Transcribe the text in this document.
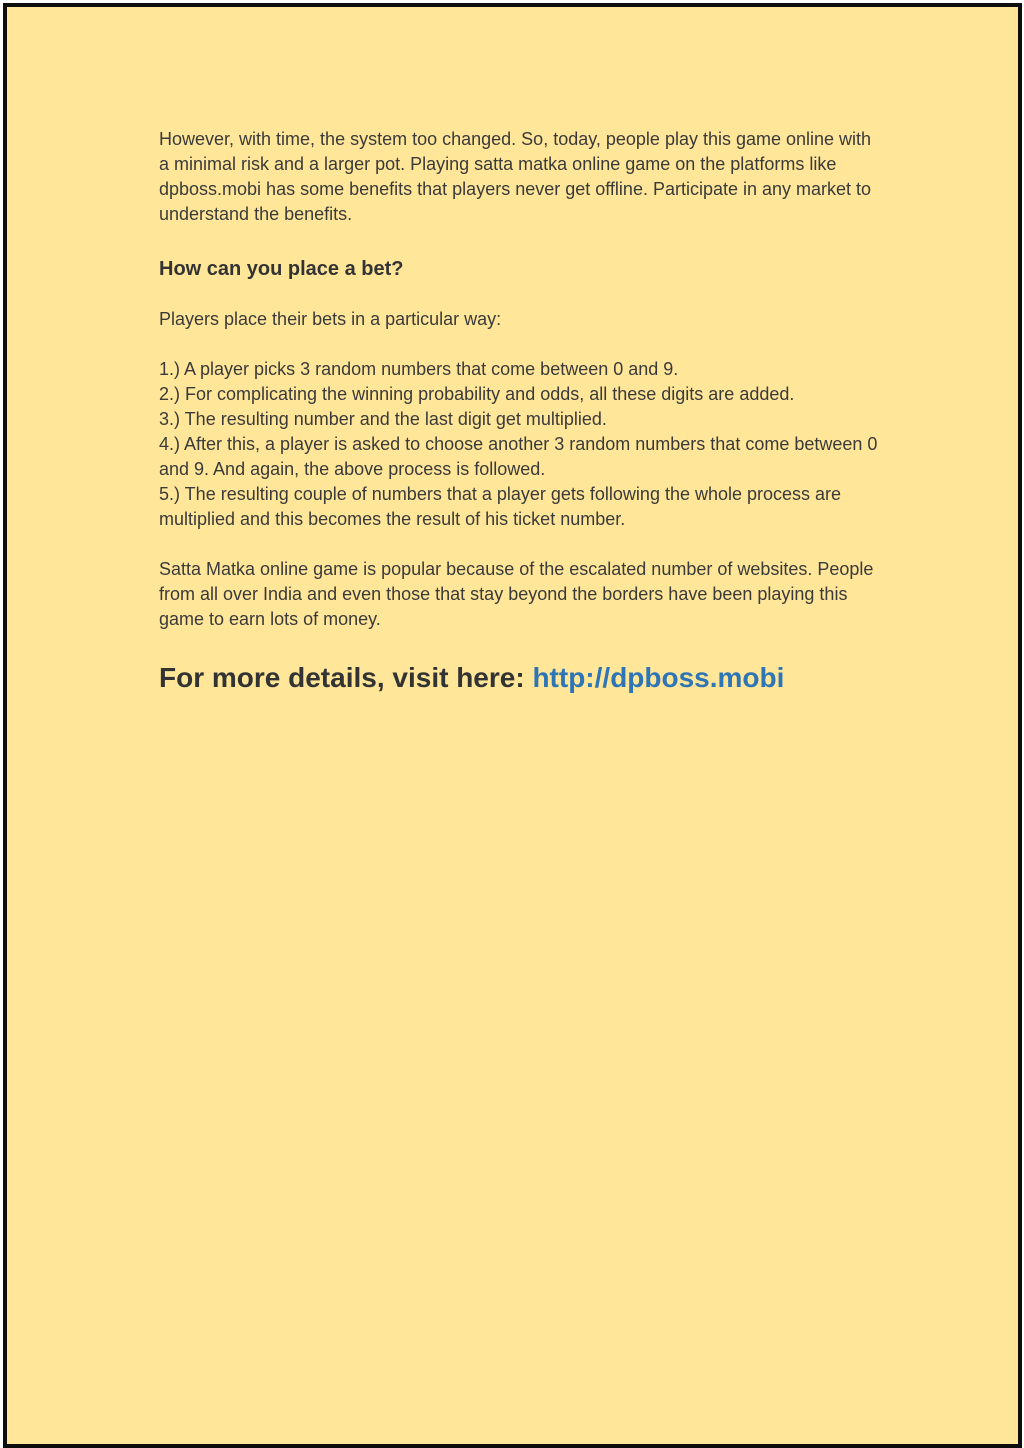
However, with time, the system too changed. So, today, people play this game online with a minimal risk and a larger pot. Playing satta matka online game on the platforms like dpboss.mobi has some benefits that players never get offline. Participate in any market to understand the benefits.

How can you place a bet?

Players place their bets in a particular way:

1.) A player picks 3 random numbers that come between 0 and 9.
2.) For complicating the winning probability and odds, all these digits are added.
3.) The resulting number and the last digit get multiplied.
4.) After this, a player is asked to choose another 3 random numbers that come between 0 and 9. And again, the above process is followed.
5.) The resulting couple of numbers that a player gets following the whole process are multiplied and this becomes the result of his ticket number.

Satta Matka online game is popular because of the escalated number of websites. People from all over India and even those that stay beyond the borders have been playing this game to earn lots of money.

For more details, visit here: http://dpboss.mobi
